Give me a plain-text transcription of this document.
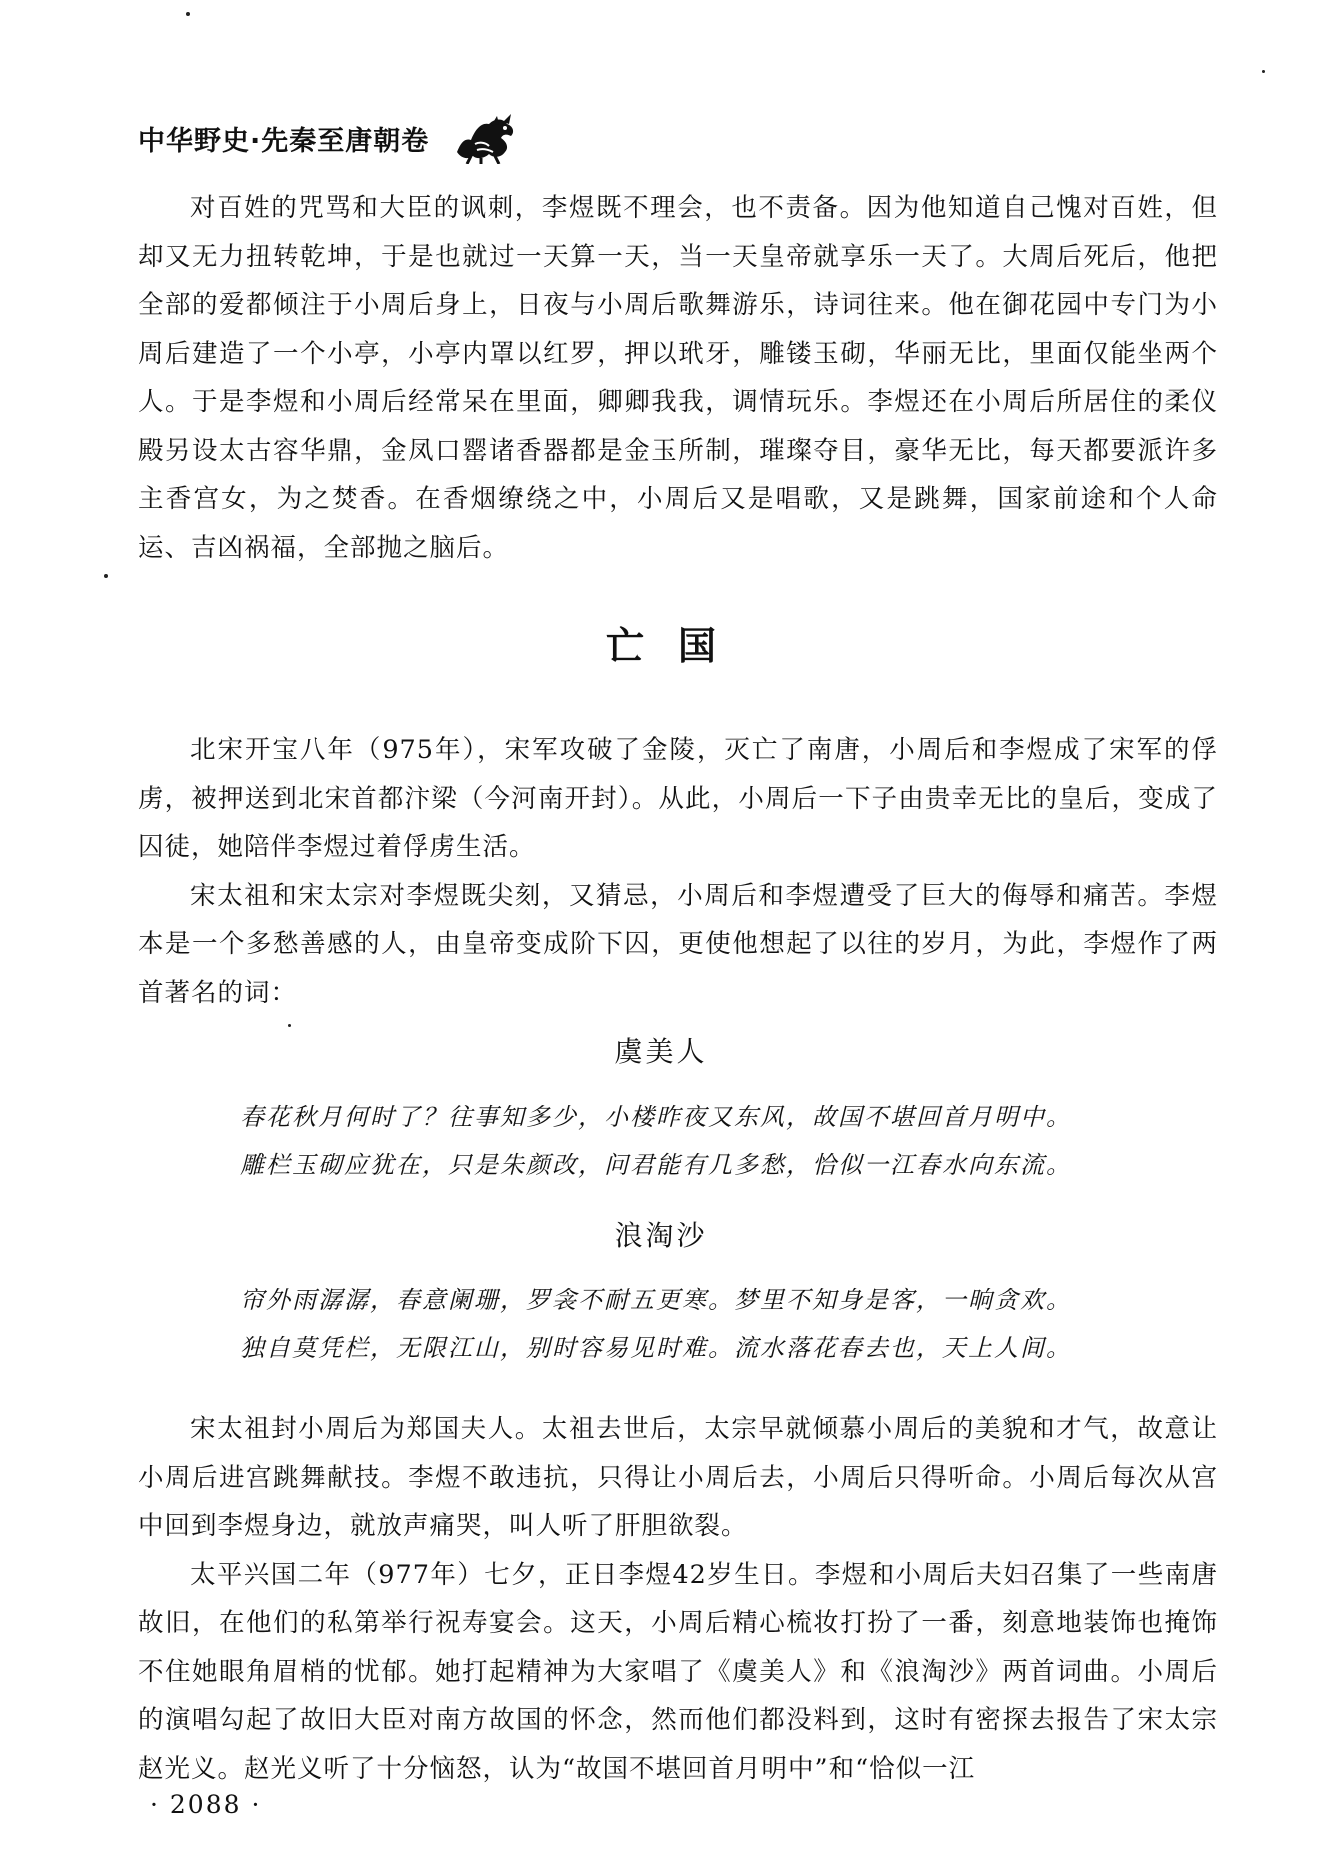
中华野史·先秦至唐朝卷

对百姓的咒骂和大臣的讽刺，李煜既不理会，也不责备。因为他知道自己愧对百姓，但却又无力扭转乾坤，于是也就过一天算一天，当一天皇帝就享乐一天了。大周后死后，他把全部的爱都倾注于小周后身上，日夜与小周后歌舞游乐，诗词往来。他在御花园中专门为小周后建造了一个小亭，小亭内罩以红罗，押以玳牙，雕镂玉砌，华丽无比，里面仅能坐两个人。于是李煜和小周后经常呆在里面，卿卿我我，调情玩乐。李煜还在小周后所居住的柔仪殿另设太古容华鼎，金凤口罂诸香器都是金玉所制，璀璨夺目，豪华无比，每天都要派许多主香宫女，为之焚香。在香烟缭绕之中，小周后又是唱歌，又是跳舞，国家前途和个人命运、吉凶祸福，全部抛之脑后。

亡国

北宋开宝八年（975年），宋军攻破了金陵，灭亡了南唐，小周后和李煜成了宋军的俘虏，被押送到北宋首都汴梁（今河南开封）。从此，小周后一下子由贵幸无比的皇后，变成了囚徒，她陪伴李煜过着俘虏生活。

宋太祖和宋太宗对李煜既尖刻，又猜忌，小周后和李煜遭受了巨大的侮辱和痛苦。李煜本是一个多愁善感的人，由皇帝变成阶下囚，更使他想起了以往的岁月，为此，李煜作了两首著名的词：

虞美人
春花秋月何时了？往事知多少，小楼昨夜又东风，故国不堪回首月明中。
雕栏玉砌应犹在，只是朱颜改，问君能有几多愁，恰似一江春水向东流。
浪淘沙
帘外雨潺潺，春意阑珊，罗衾不耐五更寒。梦里不知身是客，一晌贪欢。
独自莫凭栏，无限江山，别时容易见时难。流水落花春去也，天上人间。

宋太祖封小周后为郑国夫人。太祖去世后，太宗早就倾慕小周后的美貌和才气，故意让小周后进宫跳舞献技。李煜不敢违抗，只得让小周后去，小周后只得听命。小周后每次从宫中回到李煜身边，就放声痛哭，叫人听了肝胆欲裂。

太平兴国二年（977年）七夕，正日李煜42岁生日。李煜和小周后夫妇召集了一些南唐故旧，在他们的私第举行祝寿宴会。这天，小周后精心梳妆打扮了一番，刻意地装饰也掩饰不住她眼角眉梢的忧郁。她打起精神为大家唱了《虞美人》和《浪淘沙》两首词曲。小周后的演唱勾起了故旧大臣对南方故国的怀念，然而他们都没料到，这时有密探去报告了宋太宗赵光义。赵光义听了十分恼怒，认为“故国不堪回首月明中”和“恰似一江

· 2088 ·
